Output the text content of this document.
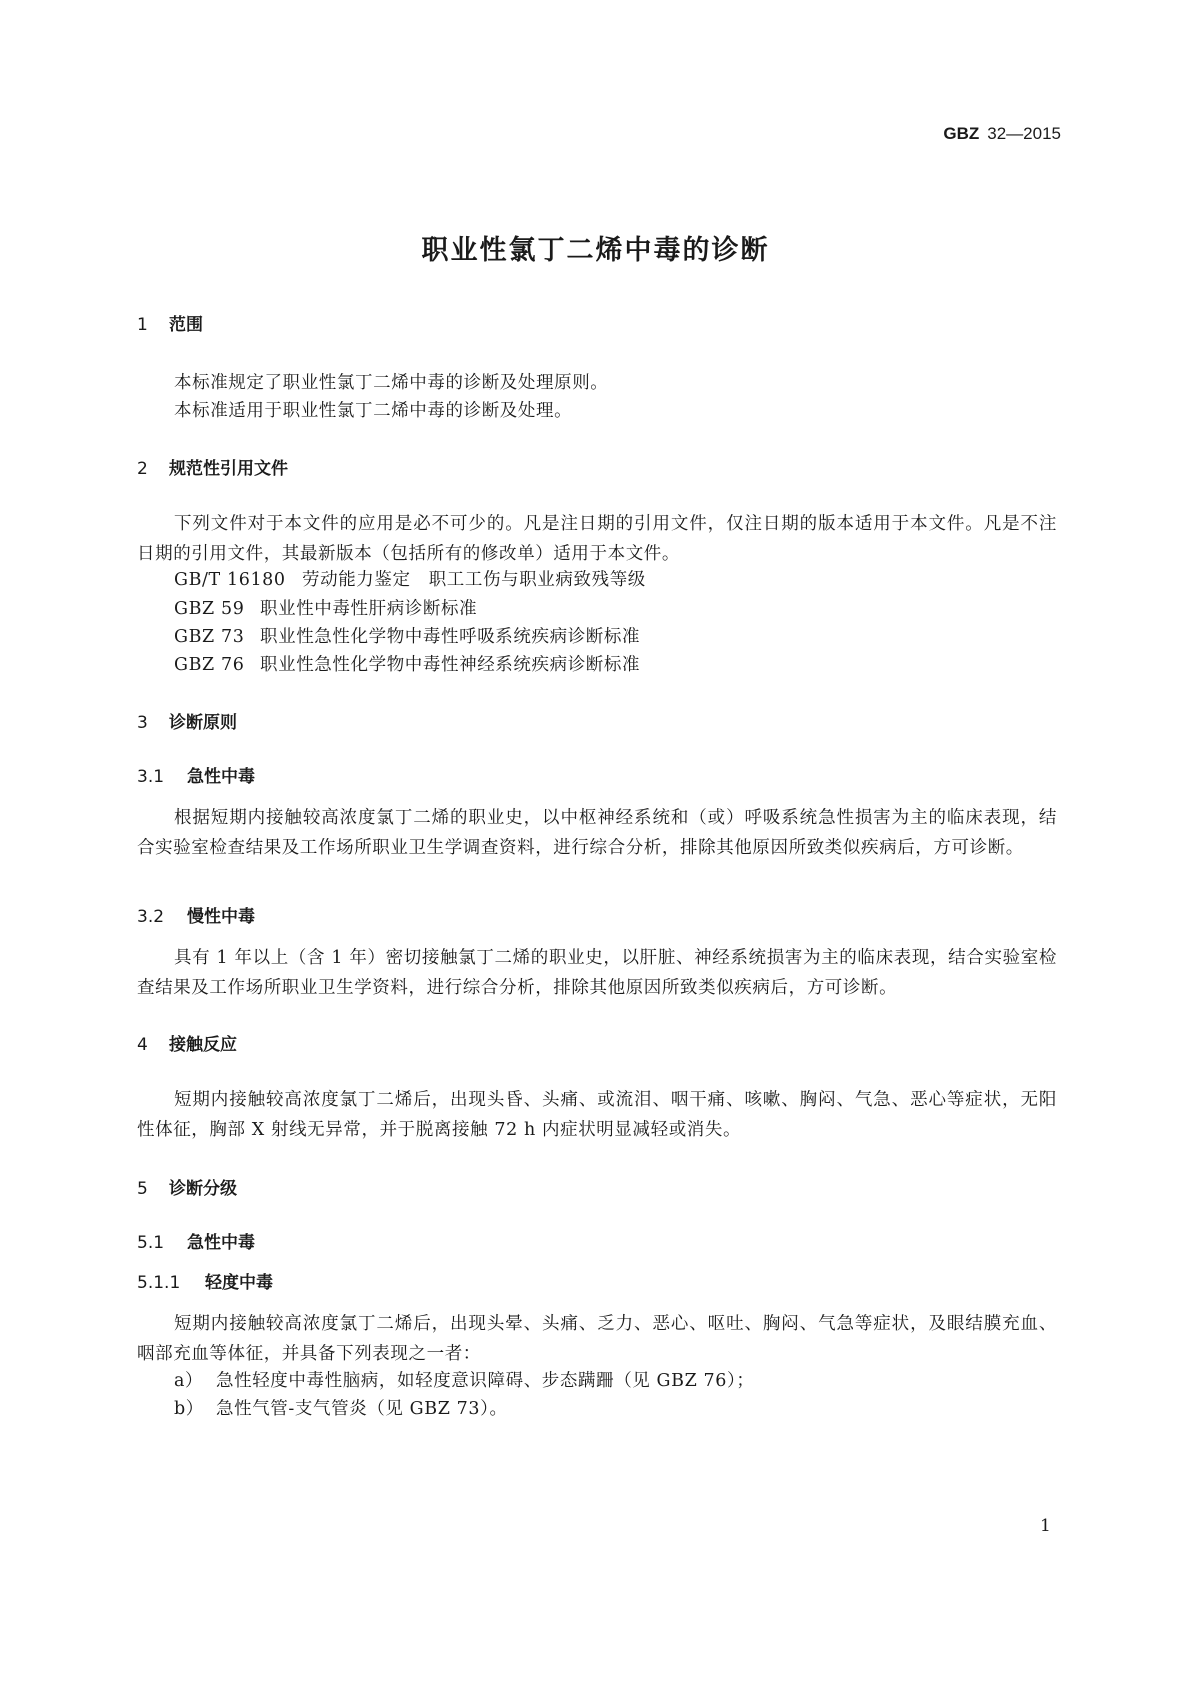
GBZ 32—2015
职业性氯丁二烯中毒的诊断
1 范围
本标准规定了职业性氯丁二烯中毒的诊断及处理原则。
本标准适用于职业性氯丁二烯中毒的诊断及处理。
2 规范性引用文件
下列文件对于本文件的应用是必不可少的。凡是注日期的引用文件，仅注日期的版本适用于本文件。凡是不注日期的引用文件，其最新版本（包括所有的修改单）适用于本文件。
GB/T 16180 劳动能力鉴定　职工工伤与职业病致残等级
GBZ 59 职业性中毒性肝病诊断标准
GBZ 73 职业性急性化学物中毒性呼吸系统疾病诊断标准
GBZ 76 职业性急性化学物中毒性神经系统疾病诊断标准
3 诊断原则
3.1 急性中毒
根据短期内接触较高浓度氯丁二烯的职业史，以中枢神经系统和（或）呼吸系统急性损害为主的临床表现，结合实验室检查结果及工作场所职业卫生学调查资料，进行综合分析，排除其他原因所致类似疾病后，方可诊断。
3.2 慢性中毒
具有 1 年以上（含 1 年）密切接触氯丁二烯的职业史，以肝脏、神经系统损害为主的临床表现，结合实验室检查结果及工作场所职业卫生学资料，进行综合分析，排除其他原因所致类似疾病后，方可诊断。
4 接触反应
短期内接触较高浓度氯丁二烯后，出现头昏、头痛、或流泪、咽干痛、咳嗽、胸闷、气急、恶心等症状，无阳性体征，胸部 X 射线无异常，并于脱离接触 72 h 内症状明显减轻或消失。
5 诊断分级
5.1 急性中毒
5.1.1 轻度中毒
短期内接触较高浓度氯丁二烯后，出现头晕、头痛、乏力、恶心、呕吐、胸闷、气急等症状，及眼结膜充血、咽部充血等体征，并具备下列表现之一者：
a） 急性轻度中毒性脑病，如轻度意识障碍、步态蹒跚（见 GBZ 76）；
b） 急性气管-支气管炎（见 GBZ 73）。
1
